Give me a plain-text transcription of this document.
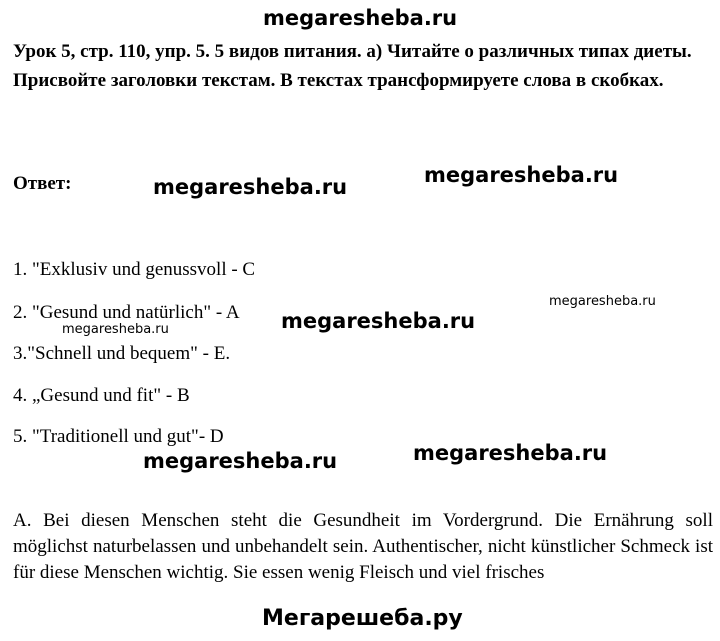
megaresheba.ru
Урок 5, стр. 110, упр. 5. 5 видов питания. а) Читайте о различных типах диеты. Присвойте заголовки текстам. В текстах трансформируете слова в скобках.
Ответ:	megaresheba.ru	megaresheba.ru
1. "Exklusiv und genussvoll - C
2. "Gesund und natürlich" - A
megaresheba.ru
megaresheba.ru
megaresheba.ru
3."Schnell und bequem" - E.
4. „Gesund und fit" - B
5. "Traditionell und gut"- D
megaresheba.ru	megaresheba.ru
A. Bei diesen Menschen steht die Gesundheit im Vordergrund. Die Ernährung soll möglichst naturbelassen und unbehandelt sein. Authentischer, nicht künstlicher Schmeck ist für diese Menschen wichtig. Sie essen wenig Fleisch und viel frisches
Мегарешеба.ру
